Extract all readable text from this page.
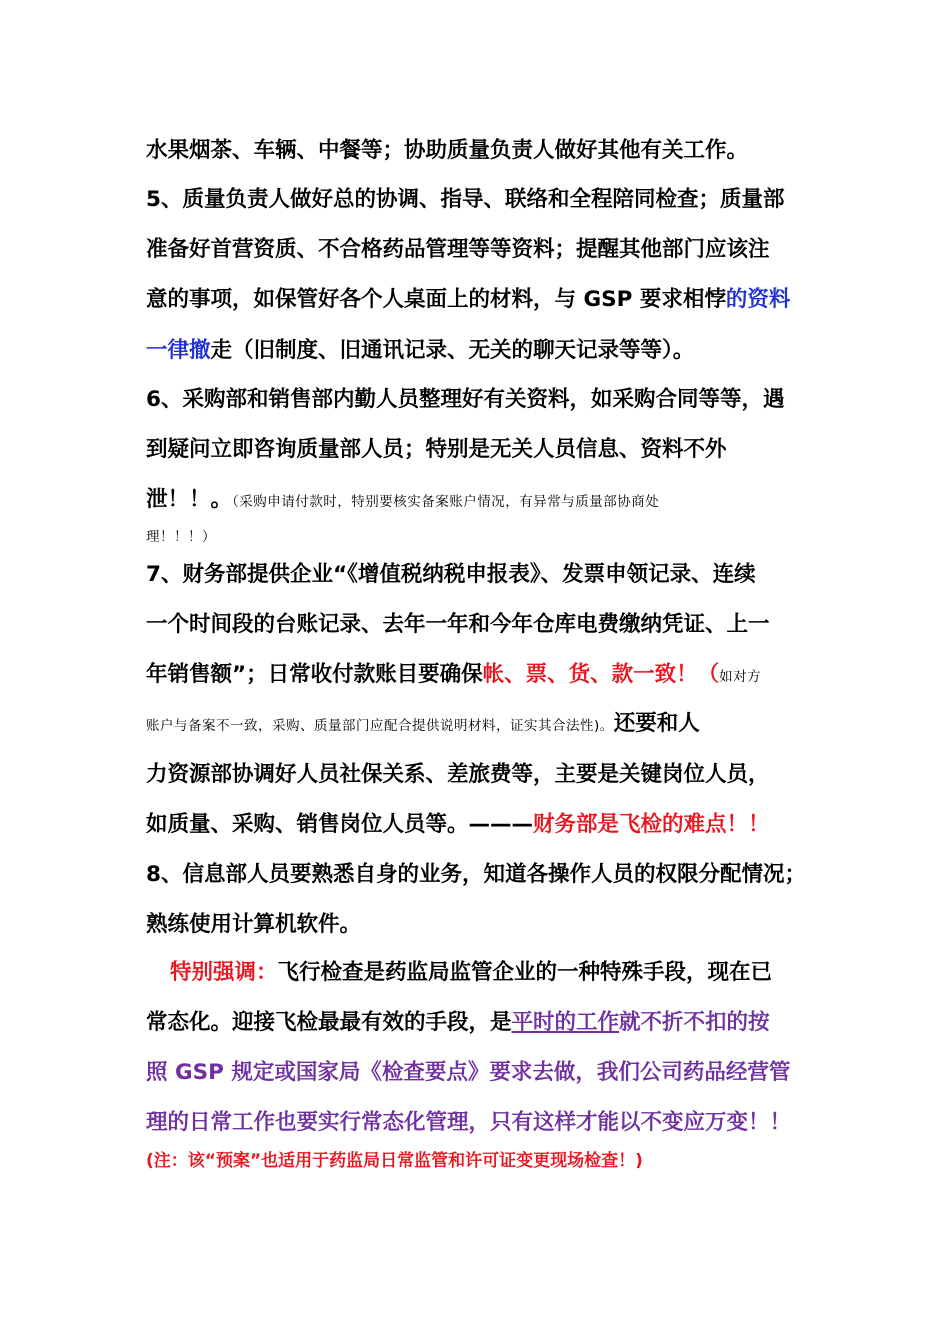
水果烟茶、车辆、中餐等；协助质量负责人做好其他有关工作。
5、质量负责人做好总的协调、指导、联络和全程陪同检查；质量部
准备好首营资质、不合格药品管理等等资料；提醒其他部门应该注
意的事项，如保管好各个人桌面上的材料，与 GSP 要求相悖的资料
一律撤走（旧制度、旧通讯记录、无关的聊天记录等等）。
6、采购部和销售部内勤人员整理好有关资料，如采购合同等等，遇
到疑问立即咨询质量部人员；特别是无关人员信息、资料不外
泄！！。（采购申请付款时，特别要核实备案账户情况，有异常与质量部协商处
理！！！）
7、财务部提供企业“《增值税纳税申报表》、发票申领记录、连续
一个时间段的台账记录、去年一年和今年仓库电费缴纳凭证、上一
年销售额”；日常收付款账目要确保帐、票、货、款一致！（如对方
账户与备案不一致，采购、质量部门应配合提供说明材料，证实其合法性)。还要和人
力资源部协调好人员社保关系、差旅费等，主要是关键岗位人员，
如质量、采购、销售岗位人员等。———财务部是飞检的难点！！
8、信息部人员要熟悉自身的业务，知道各操作人员的权限分配情况；
熟练使用计算机软件。
特别强调：飞行检查是药监局监管企业的一种特殊手段，现在已
常态化。迎接飞检最最有效的手段，是平时的工作就不折不扣的按
照 GSP 规定或国家局《检查要点》要求去做，我们公司药品经营管
理的日常工作也要实行常态化管理，只有这样才能以不变应万变！！
(注：该“预案”也适用于药监局日常监管和许可证变更现场检查！)
